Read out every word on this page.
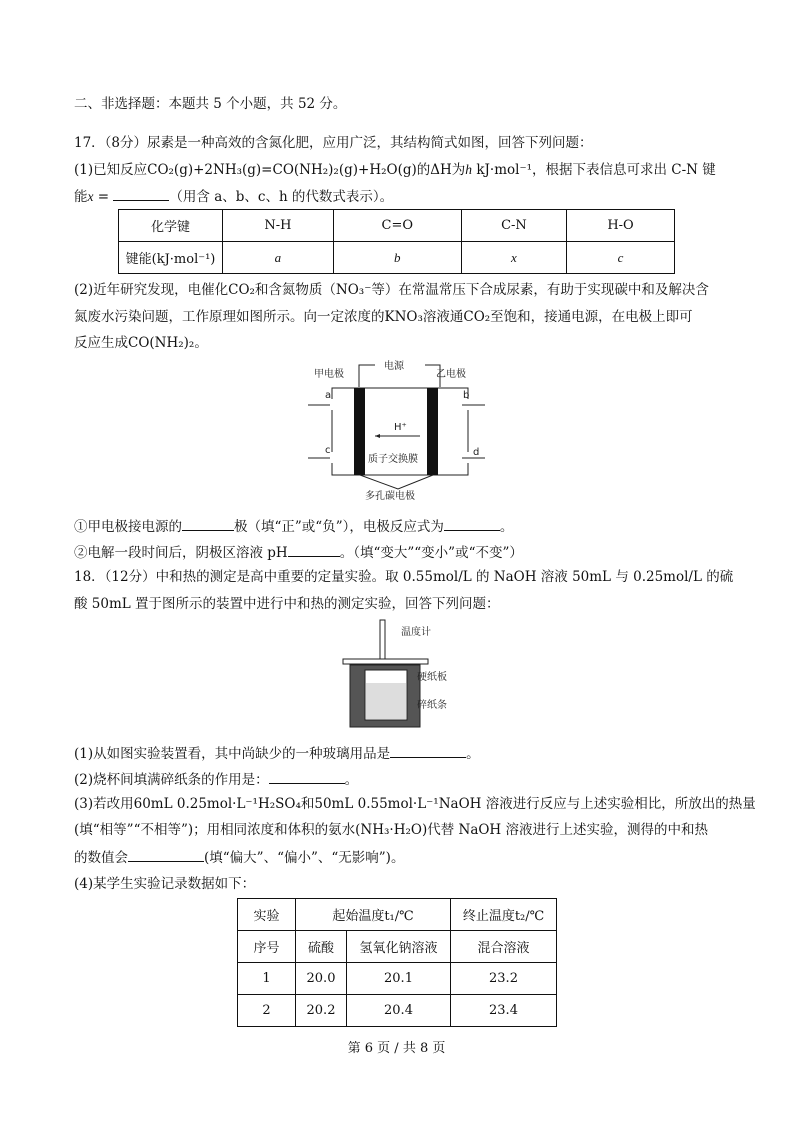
二、非选择题：本题共 5 个小题，共 52 分。
17．（8分）尿素是一种高效的含氮化肥，应用广泛，其结构简式如图，回答下列问题：
(1)已知反应CO₂(g)+2NH₃(g)=CO(NH₂)₂(g)+H₂O(g)的ΔH为h kJ·mol⁻¹，根据下表信息可求出 C-N 键
能x =	（用含 a、b、c、h 的代数式表示）。
化学键	N-H	C=O	C-N	H-O
键能(kJ·mol⁻¹)	a	b	x	c
(2)近年研究发现，电催化CO₂和含氮物质（NO₃⁻等）在常温常压下合成尿素，有助于实现碳中和及解决含
氮废水污染问题，工作原理如图所示。向一定浓度的KNO₃溶液通CO₂至饱和，接通电源，在电极上即可
反应生成CO(NH₂)₂。
电源
甲电极	乙电极
a	b
c	d
H⁺
质子交换膜
多孔碳电极
①甲电极接电源的	极（填“正”或“负”），电极反应式为	。
②电解一段时间后，阴极区溶液 pH	。（填“变大”“变小”或“不变”）
18．（12分）中和热的测定是高中重要的定量实验。取 0.55mol/L 的 NaOH 溶液 50mL 与 0.25mol/L 的硫
酸 50mL 置于图所示的装置中进行中和热的测定实验，回答下列问题：
温度计
硬纸板
碎纸条
(1)从如图实验装置看，其中尚缺少的一种玻璃用品是	。
(2)烧杯间填满碎纸条的作用是：	。
(3)若改用60mL 0.25mol·L⁻¹H₂SO₄和50mL 0.55mol·L⁻¹NaOH 溶液进行反应与上述实验相比，所放出的热量
(填“相等”“不相等”)；用相同浓度和体积的氨水(NH₃·H₂O)代替 NaOH 溶液进行上述实验，测得的中和热
的数值会	(填“偏大”、“偏小”、“无影响”)。
(4)某学生实验记录数据如下：
实验	起始温度t₁/℃		终止温度t₂/℃
序号	硫酸	氢氧化钠溶液	混合溶液
1	20.0	20.1	23.2
2	20.2	20.4	23.4
第 6 页 / 共 8 页
